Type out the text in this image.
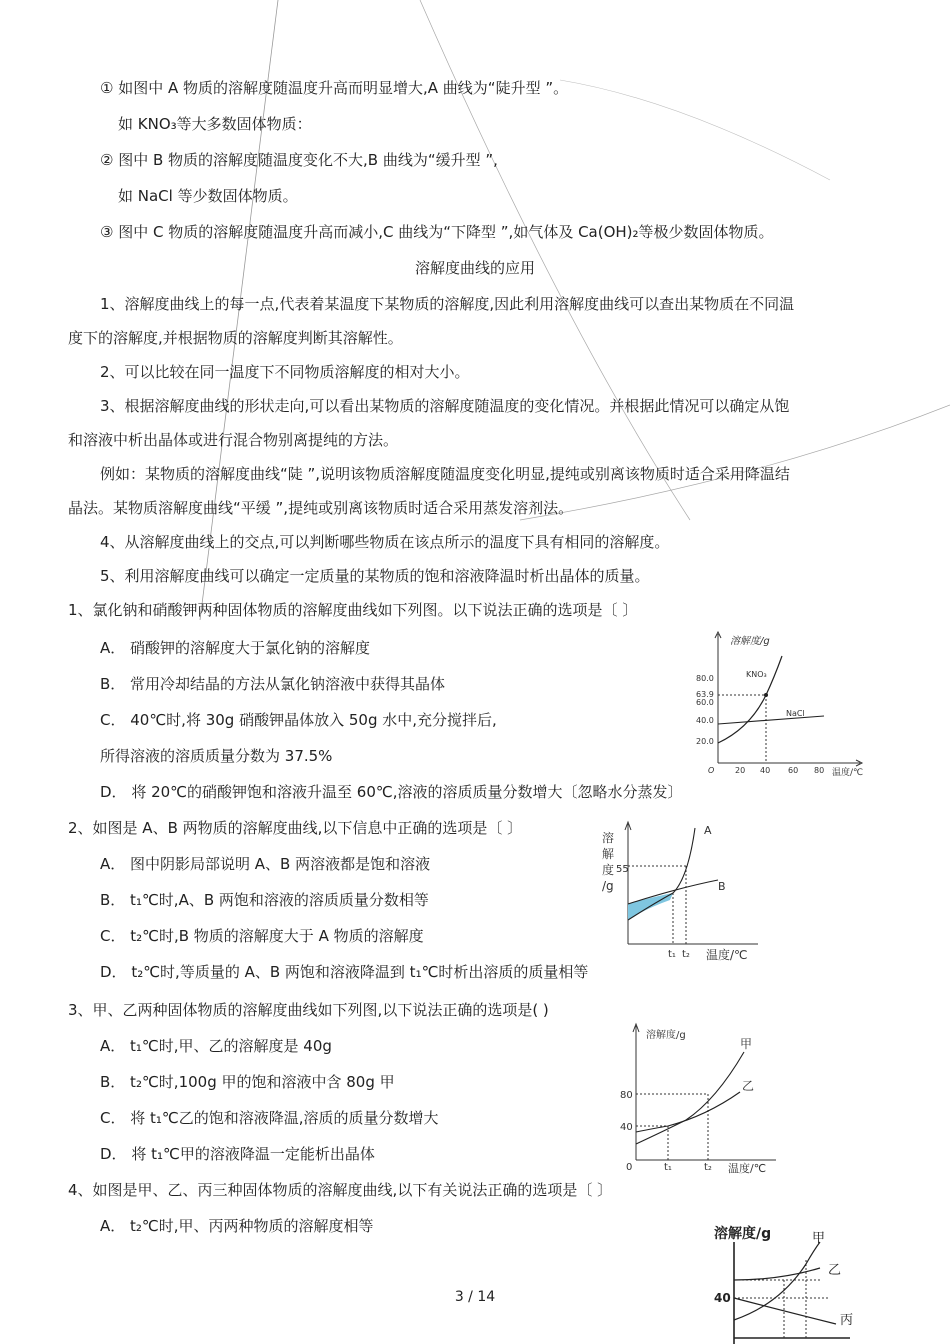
① 如图中 A 物质的溶解度随温度升高而明显增大,A 曲线为“陡升型 ”。
如 KNO₃等大多数固体物质：
② 图中 B 物质的溶解度随温度变化不大,B 曲线为“缓升型 ”,
如 NaCl 等少数固体物质。
③ 图中 C 物质的溶解度随温度升高而减小,C 曲线为“下降型 ”,如气体及 Ca(OH)₂等极少数固体物质。
溶解度曲线的应用
1、溶解度曲线上的每一点,代表着某温度下某物质的溶解度,因此利用溶解度曲线可以查出某物质在不同温
度下的溶解度,并根据物质的溶解度判断其溶解性。
2、可以比较在同一温度下不同物质溶解度的相对大小。
3、根据溶解度曲线的形状走向,可以看出某物质的溶解度随温度的变化情况。并根据此情况可以确定从饱
和溶液中析出晶体或进行混合物别离提纯的方法。
例如：某物质的溶解度曲线“陡 ”,说明该物质溶解度随温度变化明显,提纯或别离该物质时适合采用降温结
晶法。某物质溶解度曲线“平缓 ”,提纯或别离该物质时适合采用蒸发溶剂法。
4、从溶解度曲线上的交点,可以判断哪些物质在该点所示的温度下具有相同的溶解度。
5、利用溶解度曲线可以确定一定质量的某物质的饱和溶液降温时析出晶体的质量。
1、氯化钠和硝酸钾两种固体物质的溶解度曲线如下列图。以下说法正确的选项是〔 〕
A． 硝酸钾的溶解度大于氯化钠的溶解度
B． 常用冷却结晶的方法从氯化钠溶液中获得其晶体
C． 40℃时,将 30g 硝酸钾晶体放入 50g 水中,充分搅拌后,
所得溶液的溶质质量分数为 37.5%
D． 将 20℃的硝酸钾饱和溶液升温至 60℃,溶液的溶质质量分数增大〔忽略水分蒸发〕
溶解度/g
80.0
63.9
60.0
40.0
20.0
O	20 40 60 80 温度/℃
KNO₃
NaCl
2、如图是 A、B 两物质的溶解度曲线,以下信息中正确的选项是〔 〕
A． 图中阴影局部说明 A、B 两溶液都是饱和溶液
B． t₁℃时,A、B 两饱和溶液的溶质质量分数相等
C． t₂℃时,B 物质的溶解度大于 A 物质的溶解度
D． t₂℃时,等质量的 A、B 两饱和溶液降温到 t₁℃时析出溶质的质量相等
溶
解
度
/g
55
A
B
t₁ t₂ 温度/℃
3、甲、乙两种固体物质的溶解度曲线如下列图,以下说法正确的选项是( )
A． t₁℃时,甲、乙的溶解度是 40g
B． t₂℃时,100g 甲的饱和溶液中含 80g 甲
C． 将 t₁℃乙的饱和溶液降温,溶质的质量分数增大
D． 将 t₁℃甲的溶液降温一定能析出晶体
溶解度/g
80
40
0
甲
乙
t₁	t₂ 温度/℃
4、如图是甲、乙、丙三种固体物质的溶解度曲线,以下有关说法正确的选项是〔 〕
A． t₂℃时,甲、丙两种物质的溶解度相等	溶解度/g
40
甲
乙
丙
3 / 14
